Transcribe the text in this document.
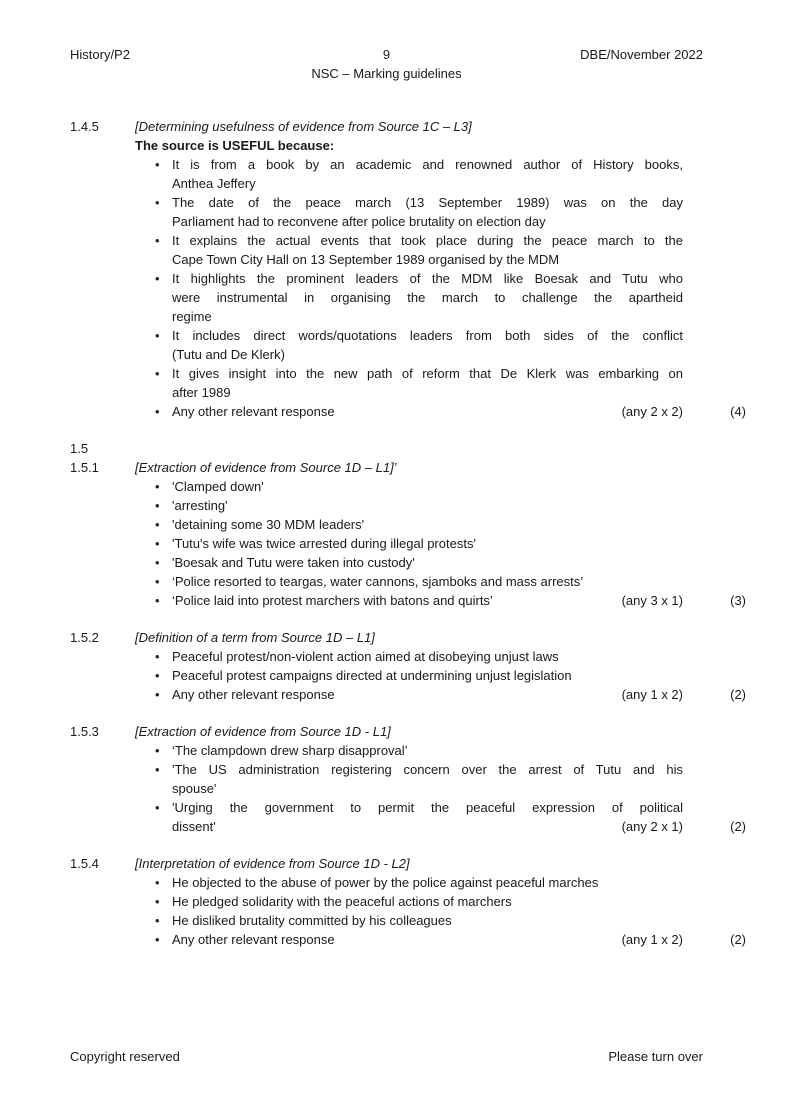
History/P2	9
NSC – Marking guidelines
DBE/November 2022
1.4.5	[Determining usefulness of evidence from Source 1C – L3]
The source is USEFUL because:
• It is from a book by an academic and renowned author of History books,
Anthea Jeffery
• The date of the peace march (13 September 1989) was on the day
Parliament had to reconvene after police brutality on election day
• It explains the actual events that took place during the peace march to the
Cape Town City Hall on 13 September 1989 organised by the MDM
• It highlights the prominent leaders of the MDM like Boesak and Tutu who
were instrumental in organising the march to challenge the apartheid
regime
• It includes direct words/quotations leaders from both sides of the conflict
(Tutu and De Klerk)
• It gives insight into the new path of reform that De Klerk was embarking on
after 1989
• Any other relevant response	(any 2 x 2)	(4)
1.5
1.5.1	[Extraction of evidence from Source 1D – L1]’
• 'Clamped down'
• 'arresting'
• 'detaining some 30 MDM leaders'
• 'Tutu's wife was twice arrested during illegal protests'
• 'Boesak and Tutu were taken into custody'
• ‘Police resorted to teargas, water cannons, sjamboks and mass arrests’
• ‘Police laid into protest marchers with batons and quirts’	(any 3 x 1)	(3)
1.5.2	[Definition of a term from Source 1D – L1]
• Peaceful protest/non-violent action aimed at disobeying unjust laws
• Peaceful protest campaigns directed at undermining unjust legislation
• Any other relevant response	(any 1 x 2)	(2)
1.5.3	[Extraction of evidence from Source 1D - L1]
• ‘The clampdown drew sharp disapproval’
• 'The US administration registering concern over the arrest of Tutu and his
spouse'
• 'Urging the government to permit the peaceful expression of political
dissent'	(any 2 x 1)	(2)
1.5.4	[Interpretation of evidence from Source 1D - L2]
• He objected to the abuse of power by the police against peaceful marches
• He pledged solidarity with the peaceful actions of marchers
• He disliked brutality committed by his colleagues
• Any other relevant response	(any 1 x 2)	(2)
Copyright reserved	Please turn over
